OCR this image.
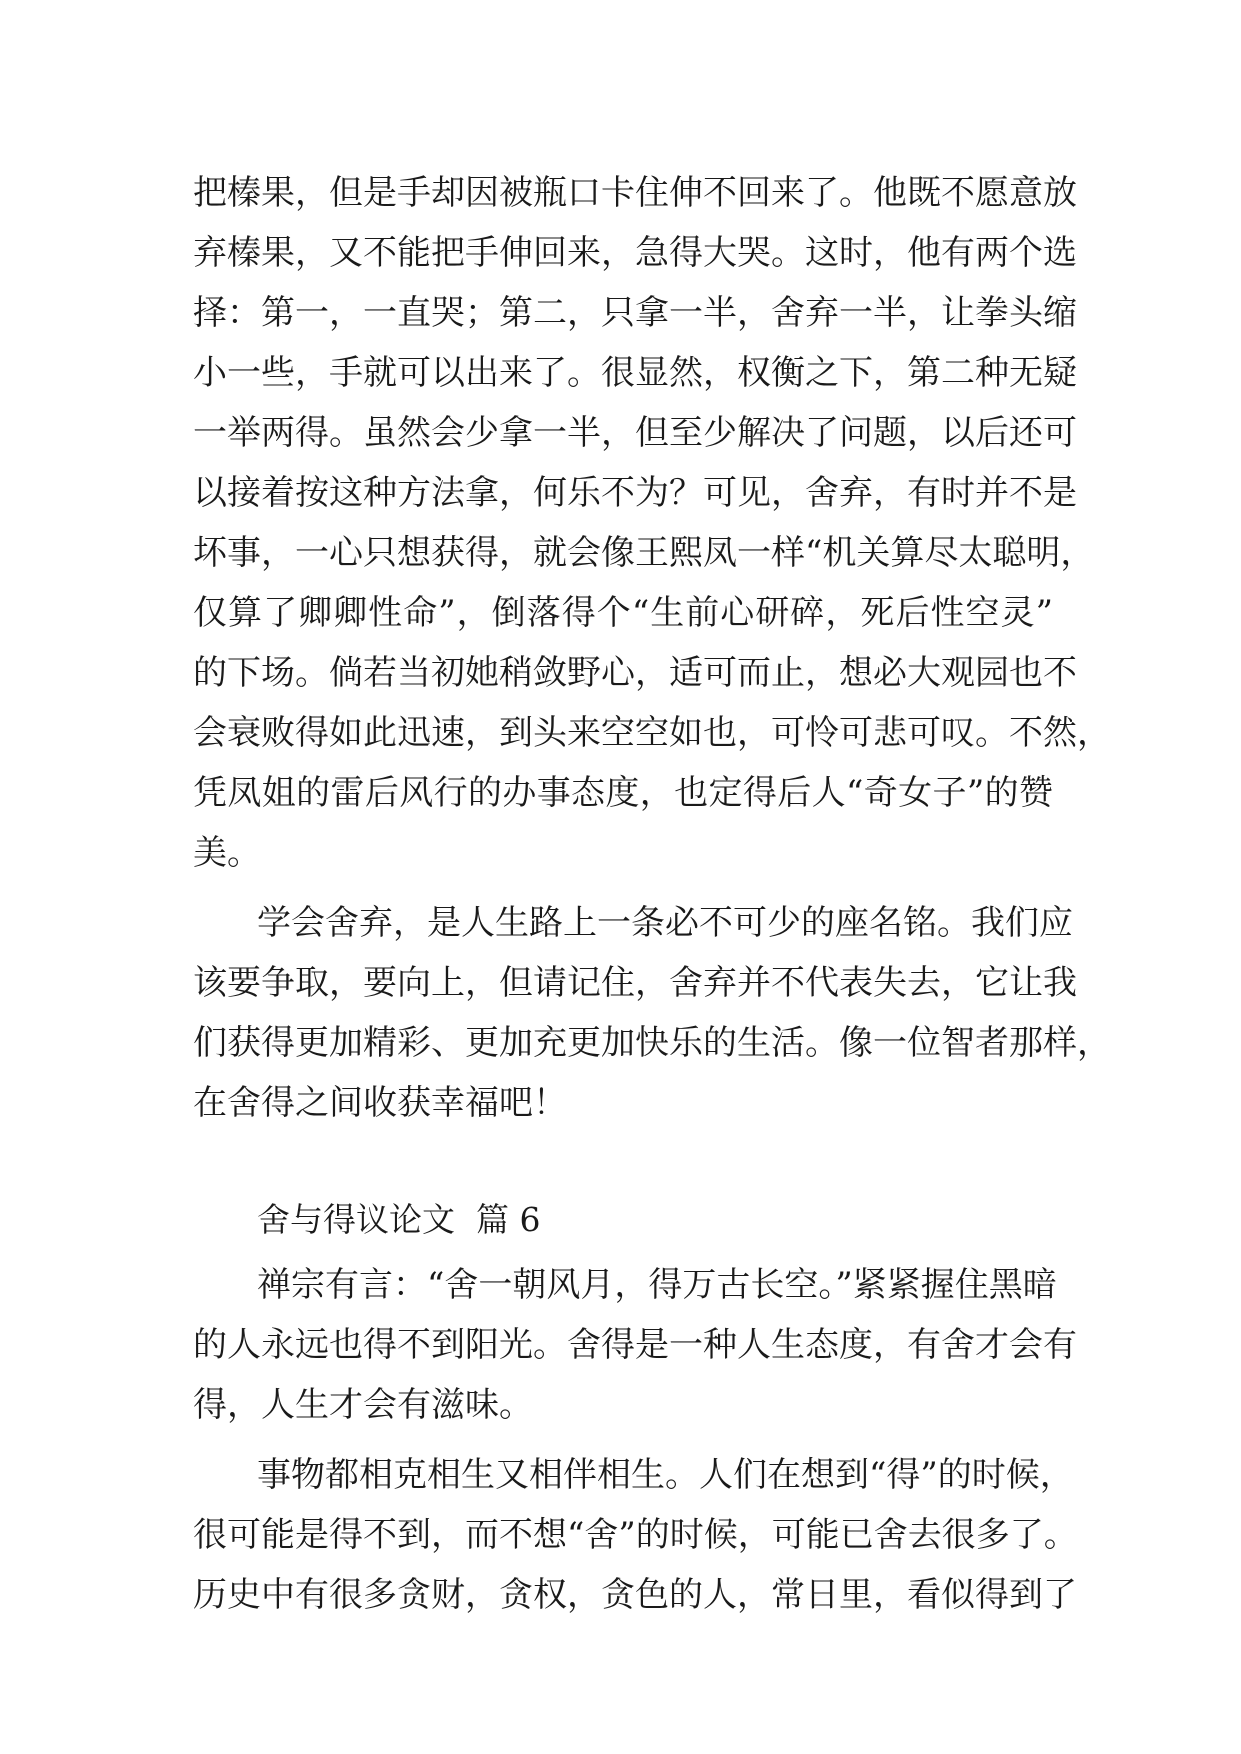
把榛果，但是手却因被瓶口卡住伸不回来了。他既不愿意放
弃榛果，又不能把手伸回来，急得大哭。这时，他有两个选
择：第一，一直哭；第二，只拿一半，舍弃一半，让拳头缩
小一些，手就可以出来了。很显然，权衡之下，第二种无疑
一举两得。虽然会少拿一半，但至少解决了问题，以后还可
以接着按这种方法拿，何乐不为？可见，舍弃，有时并不是
坏事，一心只想获得，就会像王熙凤一样“机关算尽太聪明，
仅算了卿卿性命”，倒落得个“生前心研碎，死后性空灵”
的下场。倘若当初她稍敛野心，适可而止，想必大观园也不
会衰败得如此迅速，到头来空空如也，可怜可悲可叹。不然，
凭凤姐的雷后风行的办事态度，也定得后人“奇女子”的赞
美。
学会舍弃，是人生路上一条必不可少的座名铭。我们应
该要争取，要向上，但请记住，舍弃并不代表失去，它让我
们获得更加精彩、更加充更加快乐的生活。像一位智者那样，
在舍得之间收获幸福吧！
舍与得议论文  篇 6
禅宗有言：“舍一朝风月，得万古长空。”紧紧握住黑暗
的人永远也得不到阳光。舍得是一种人生态度，有舍才会有
得，人生才会有滋味。
事物都相克相生又相伴相生。人们在想到“得”的时候，
很可能是得不到，而不想“舍”的时候，可能已舍去很多了。
历史中有很多贪财，贪权，贪色的人，常日里，看似得到了
